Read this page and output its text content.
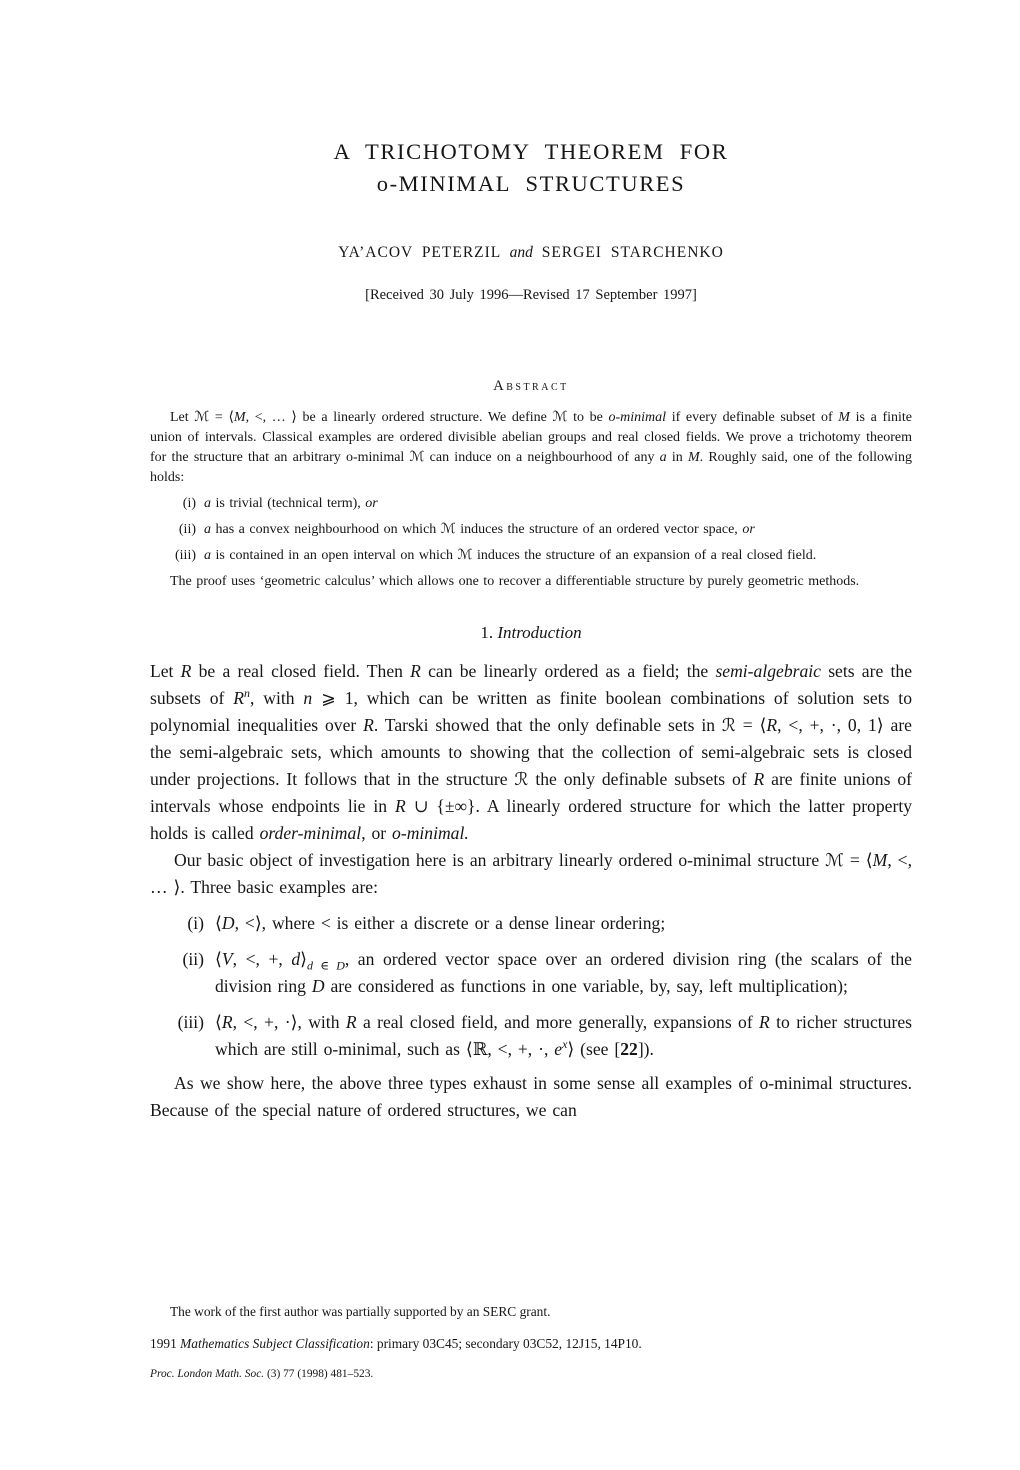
A TRICHOTOMY THEOREM FOR
o-MINIMAL STRUCTURES
YA’ACOV PETERZIL and SERGEI STARCHENKO
[Received 30 July 1996—Revised 17 September 1997]
Abstract

Let ℳ = ⟨M, <, … ⟩ be a linearly ordered structure. We define ℳ to be o-minimal if every definable subset of M is a finite union of intervals. Classical examples are ordered divisible abelian groups and real closed fields. We prove a trichotomy theorem for the structure that an arbitrary o-minimal ℳ can induce on a neighbourhood of any a in M. Roughly said, one of the following holds:

(i) a is trivial (technical term), or
(ii) a has a convex neighbourhood on which ℳ induces the structure of an ordered vector space, or
(iii) a is contained in an open interval on which ℳ induces the structure of an expansion of a real closed field.

The proof uses ‘geometric calculus’ which allows one to recover a differentiable structure by purely geometric methods.

1. Introduction

Let R be a real closed field. Then R can be linearly ordered as a field; the semi-algebraic sets are the subsets of $R^n$, with n ⩾ 1, which can be written as finite boolean combinations of solution sets to polynomial inequalities over R. Tarski showed that the only definable sets in ℛ = ⟨R, <, +, ·, 0, 1⟩ are the semi-algebraic sets, which amounts to showing that the collection of semi-algebraic sets is closed under projections. It follows that in the structure ℛ the only definable subsets of R are finite unions of intervals whose endpoints lie in R ∪ {±∞}. A linearly ordered structure for which the latter property holds is called order-minimal, or o-minimal.

Our basic object of investigation here is an arbitrary linearly ordered o-minimal structure ℳ = ⟨M, <, … ⟩. Three basic examples are:

(i) ⟨D, <⟩, where < is either a discrete or a dense linear ordering;
(ii) ⟨V, <, +, $d⟩_{d \in D}$, an ordered vector space over an ordered division ring (the scalars of the division ring D are considered as functions in one variable, by, say, left multiplication);
(iii) ⟨R, <, +, ·⟩, with R a real closed field, and more generally, expansions of R to richer structures which are still o-minimal, such as ⟨ℝ, <, +, ·, $e^x⟩$ (see [22]).

As we show here, the above three types exhaust in some sense all examples of o-minimal structures. Because of the special nature of ordered structures, we can

The work of the first author was partially supported by an SERC grant.

1991 Mathematics Subject Classification: primary 03C45; secondary 03C52, 12J15, 14P10.

Proc. London Math. Soc. (3) 77 (1998) 481–523.
